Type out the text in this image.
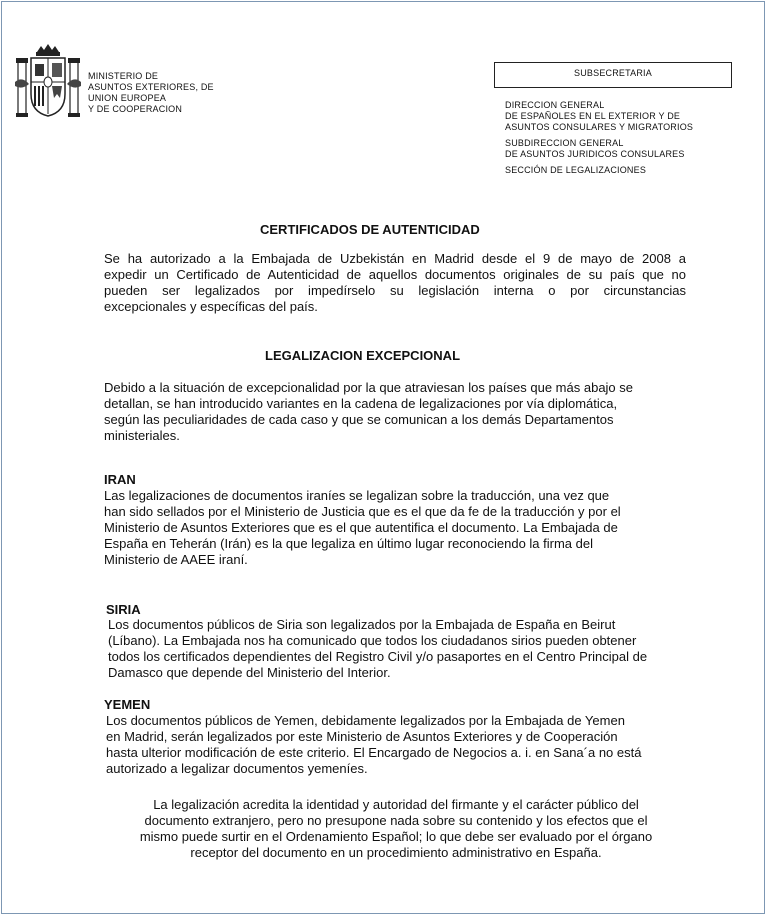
MINISTERIO DE
ASUNTOS EXTERIORES, DE
UNION EUROPEA
Y DE COOPERACION
SUBSECRETARIA
DIRECCION GENERAL
DE ESPAÑOLES EN EL EXTERIOR Y DE
ASUNTOS CONSULARES Y MIGRATORIOS
SUBDIRECCION GENERAL
DE ASUNTOS JURIDICOS CONSULARES
SECCIÓN DE LEGALIZACIONES
CERTIFICADOS DE AUTENTICIDAD
Se ha autorizado a la Embajada de Uzbekistán en Madrid desde el 9 de mayo de 2008 a
expedir un Certificado de Autenticidad de aquellos documentos originales de su país que no
pueden ser legalizados por impedírselo su legislación interna o por circunstancias
excepcionales y específicas del país.
LEGALIZACION EXCEPCIONAL
Debido a la situación de excepcionalidad por la que atraviesan los países que más abajo se
detallan, se han introducido variantes en la cadena de legalizaciones por vía diplomática,
según las peculiaridades de cada caso y que se comunican a los demás Departamentos
ministeriales.
IRAN
Las legalizaciones de documentos iraníes se legalizan sobre la traducción, una vez que
han sido sellados por el Ministerio de Justicia que es el que da fe de la traducción y por el
Ministerio de Asuntos Exteriores que es el que autentifica el documento. La Embajada de
España en Teherán (Irán) es la que legaliza en último lugar reconociendo la firma del
Ministerio de AAEE iraní.
SIRIA
Los documentos públicos de Siria son legalizados por la Embajada de España en Beirut
(Líbano). La Embajada nos ha comunicado que todos los ciudadanos sirios pueden obtener
todos los certificados dependientes del Registro Civil y/o pasaportes en el Centro Principal de
Damasco que depende del Ministerio del Interior.
YEMEN
Los documentos públicos de Yemen, debidamente legalizados por la Embajada de Yemen
en Madrid, serán legalizados por este Ministerio de Asuntos Exteriores y de Cooperación
hasta ulterior modificación de este criterio. El Encargado de Negocios a. i. en Sana´a no está
autorizado a legalizar documentos yemeníes.
La legalización acredita la identidad y autoridad del firmante y el carácter público del
documento extranjero, pero no presupone nada sobre su contenido y los efectos que el
mismo puede surtir en el Ordenamiento Español; lo que debe ser evaluado por el órgano
receptor del documento en un procedimiento administrativo en España.
